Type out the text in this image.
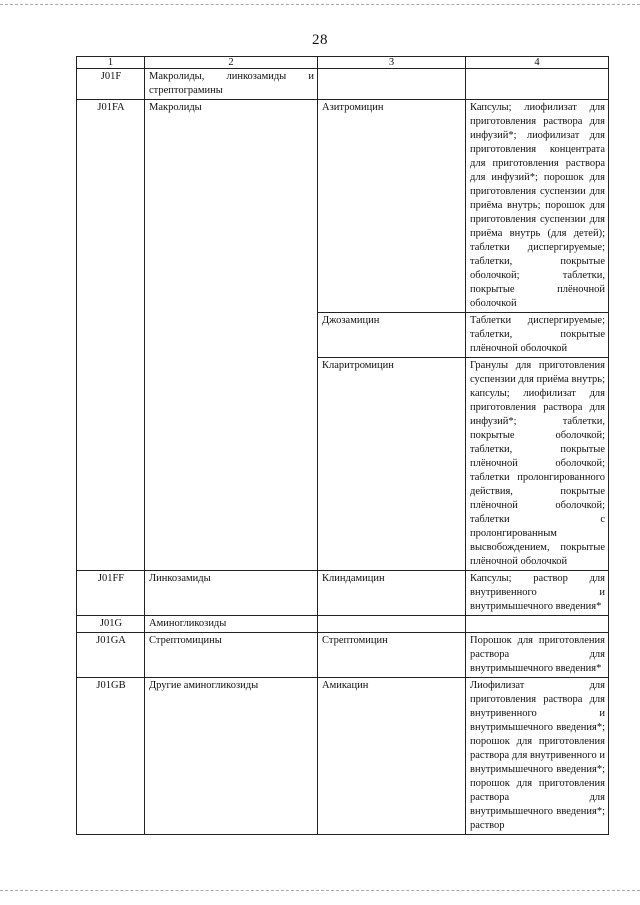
28
1	2	3	4
J01F	Макролиды, линкозамиды и стрептограмины		
J01FA	Макролиды	Азитромицин	Капсулы; лиофилизат для приготовления раствора для инфузий*; лиофилизат для приготовления концентрата для приготовления раствора для инфузий*; порошок для приготовления суспензии для приёма внутрь; порошок для приготовления суспензии для приёма внутрь (для детей); таблетки диспергируемые; таблетки, покрытые оболочкой; таблетки, покрытые плёночной оболочкой
		Джозамицин	Таблетки диспергируемые; таблетки, покрытые плёночной оболочкой
		Кларитромицин	Гранулы для приготовления суспензии для приёма внутрь; капсулы; лиофилизат для приготовления раствора для инфузий*; таблетки, покрытые оболочкой; таблетки, покрытые плёночной оболочкой; таблетки пролонгированного действия, покрытые плёночной оболочкой; таблетки с пролонгированным высвобождением, покрытые плёночной оболочкой
J01FF	Линкозамиды	Клиндамицин	Капсулы; раствор для внутривенного и внутримышечного введения*
J01G	Аминогликозиды		
J01GA	Стрептомицины	Стрептомицин	Порошок для приготовления раствора для внутримышечного введения*
J01GB	Другие аминогликозиды	Амикацин	Лиофилизат для приготовления раствора для внутривенного и внутримышечного введения*; порошок для приготовления раствора для внутривенного и внутримышечного введения*; порошок для приготовления раствора для внутримышечного введения*; раствор
